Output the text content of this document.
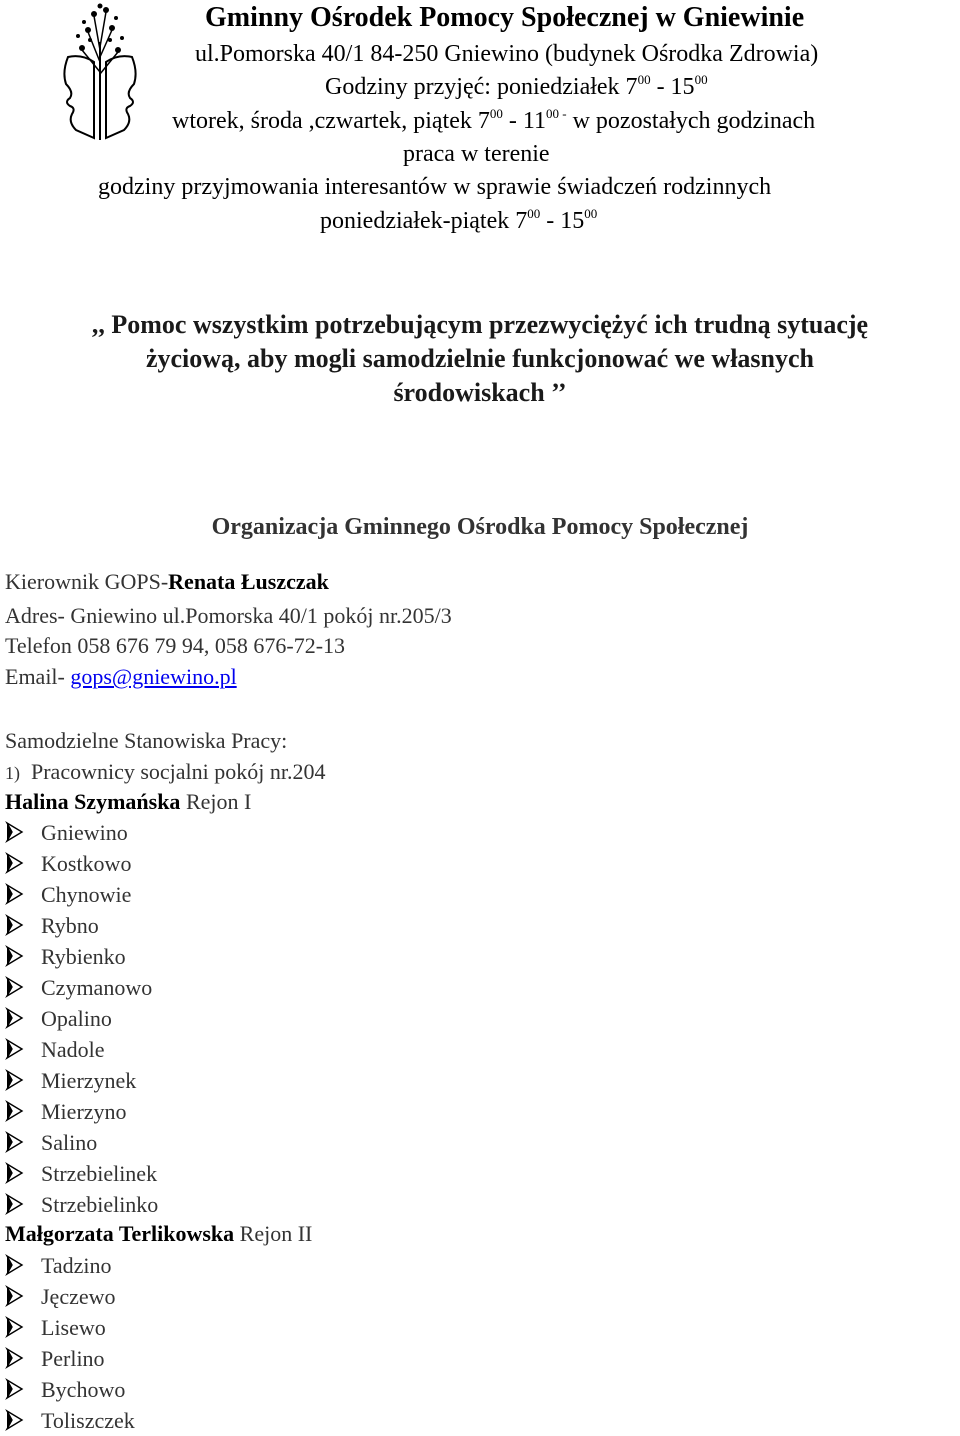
Gminny Ośrodek Pomocy Społecznej w Gniewinie
ul.Pomorska 40/1 84-250 Gniewino (budynek Ośrodka Zdrowia)
Godziny przyjęć: poniedziałek $7^{00} - 15^{00}$
wtorek, środa ,czwartek, piątek $7^{00} - 11^{00 -}$ w pozostałych godzinach
praca w terenie
godziny przyjmowania interesantów w sprawie świadczeń rodzinnych
poniedziałek-piątek $7^{00} - 15^{00}$
,, Pomoc wszystkim potrzebującym przezwyciężyć ich trudną sytuację
życiową, aby mogli samodzielnie funkcjonować we własnych
środowiskach ’’
Organizacja Gminnego Ośrodka Pomocy Społecznej
Kierownik GOPS-Renata Łuszczak
Adres- Gniewino ul.Pomorska 40/1 pokój nr.205/3
Telefon 058 676 79 94, 058 676-72-13
Email- gops@gniewino.pl
Samodzielne Stanowiska Pracy:
1) Pracownicy socjalni pokój nr.204
Halina Szymańska Rejon I
Gniewino
Kostkowo
Chynowie
Rybno
Rybienko
Czymanowo
Opalino
Nadole
Mierzynek
Mierzyno
Salino
Strzebielinek
Strzebielinko
Małgorzata Terlikowska Rejon II
Tadzino
Jęczewo
Lisewo
Perlino
Bychowo
Toliszczek
